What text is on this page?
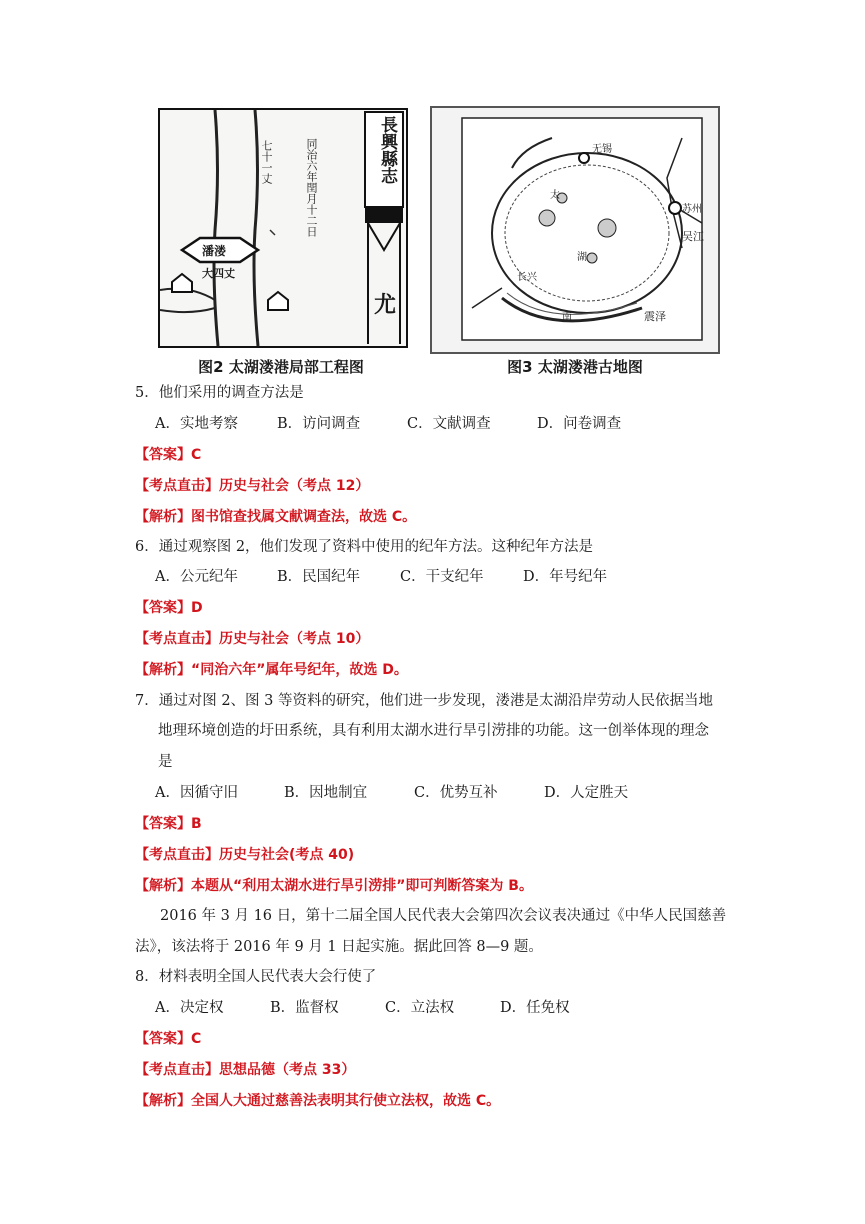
長興縣志
同治六年閏月十二日
七十一丈
潘溇
大四丈
尤
图2 太湖溇港局部工程图
无锡
苏州
吴江
太
湖
长兴
南	震泽
图3 太湖溇港古地图
5．他们采用的调查方法是
A．实地考察	B．访问调查	C．文献调查	D．问卷调查
【答案】C
【考点直击】历史与社会（考点 12）
【解析】图书馆查找属文献调查法，故选 C。
6．通过观察图 2，他们发现了资料中使用的纪年方法。这种纪年方法是
A．公元纪年	B．民国纪年	C．干支纪年	D．年号纪年
【答案】D
【考点直击】历史与社会（考点 10）
【解析】“同治六年”属年号纪年，故选 D。
7．通过对图 2、图 3 等资料的研究，他们进一步发现，溇港是太湖沿岸劳动人民依据当地
地理环境创造的圩田系统，具有利用太湖水进行旱引涝排的功能。这一创举体现的理念
是
A．因循守旧	B．因地制宜	C．优势互补	D．人定胜天
【答案】B
【考点直击】历史与社会(考点 40)
【解析】本题从“利用太湖水进行旱引涝排”即可判断答案为 B。
2016 年 3 月 16 日，第十二届全国人民代表大会第四次会议表决通过《中华人民国慈善
法》，该法将于 2016 年 9 月 1 日起实施。据此回答 8—9 题。
8．材料表明全国人民代表大会行使了
A．决定权	B．监督权	C．立法权	D．任免权
【答案】C
【考点直击】思想品德（考点 33）
【解析】全国人大通过慈善法表明其行使立法权，故选 C。
